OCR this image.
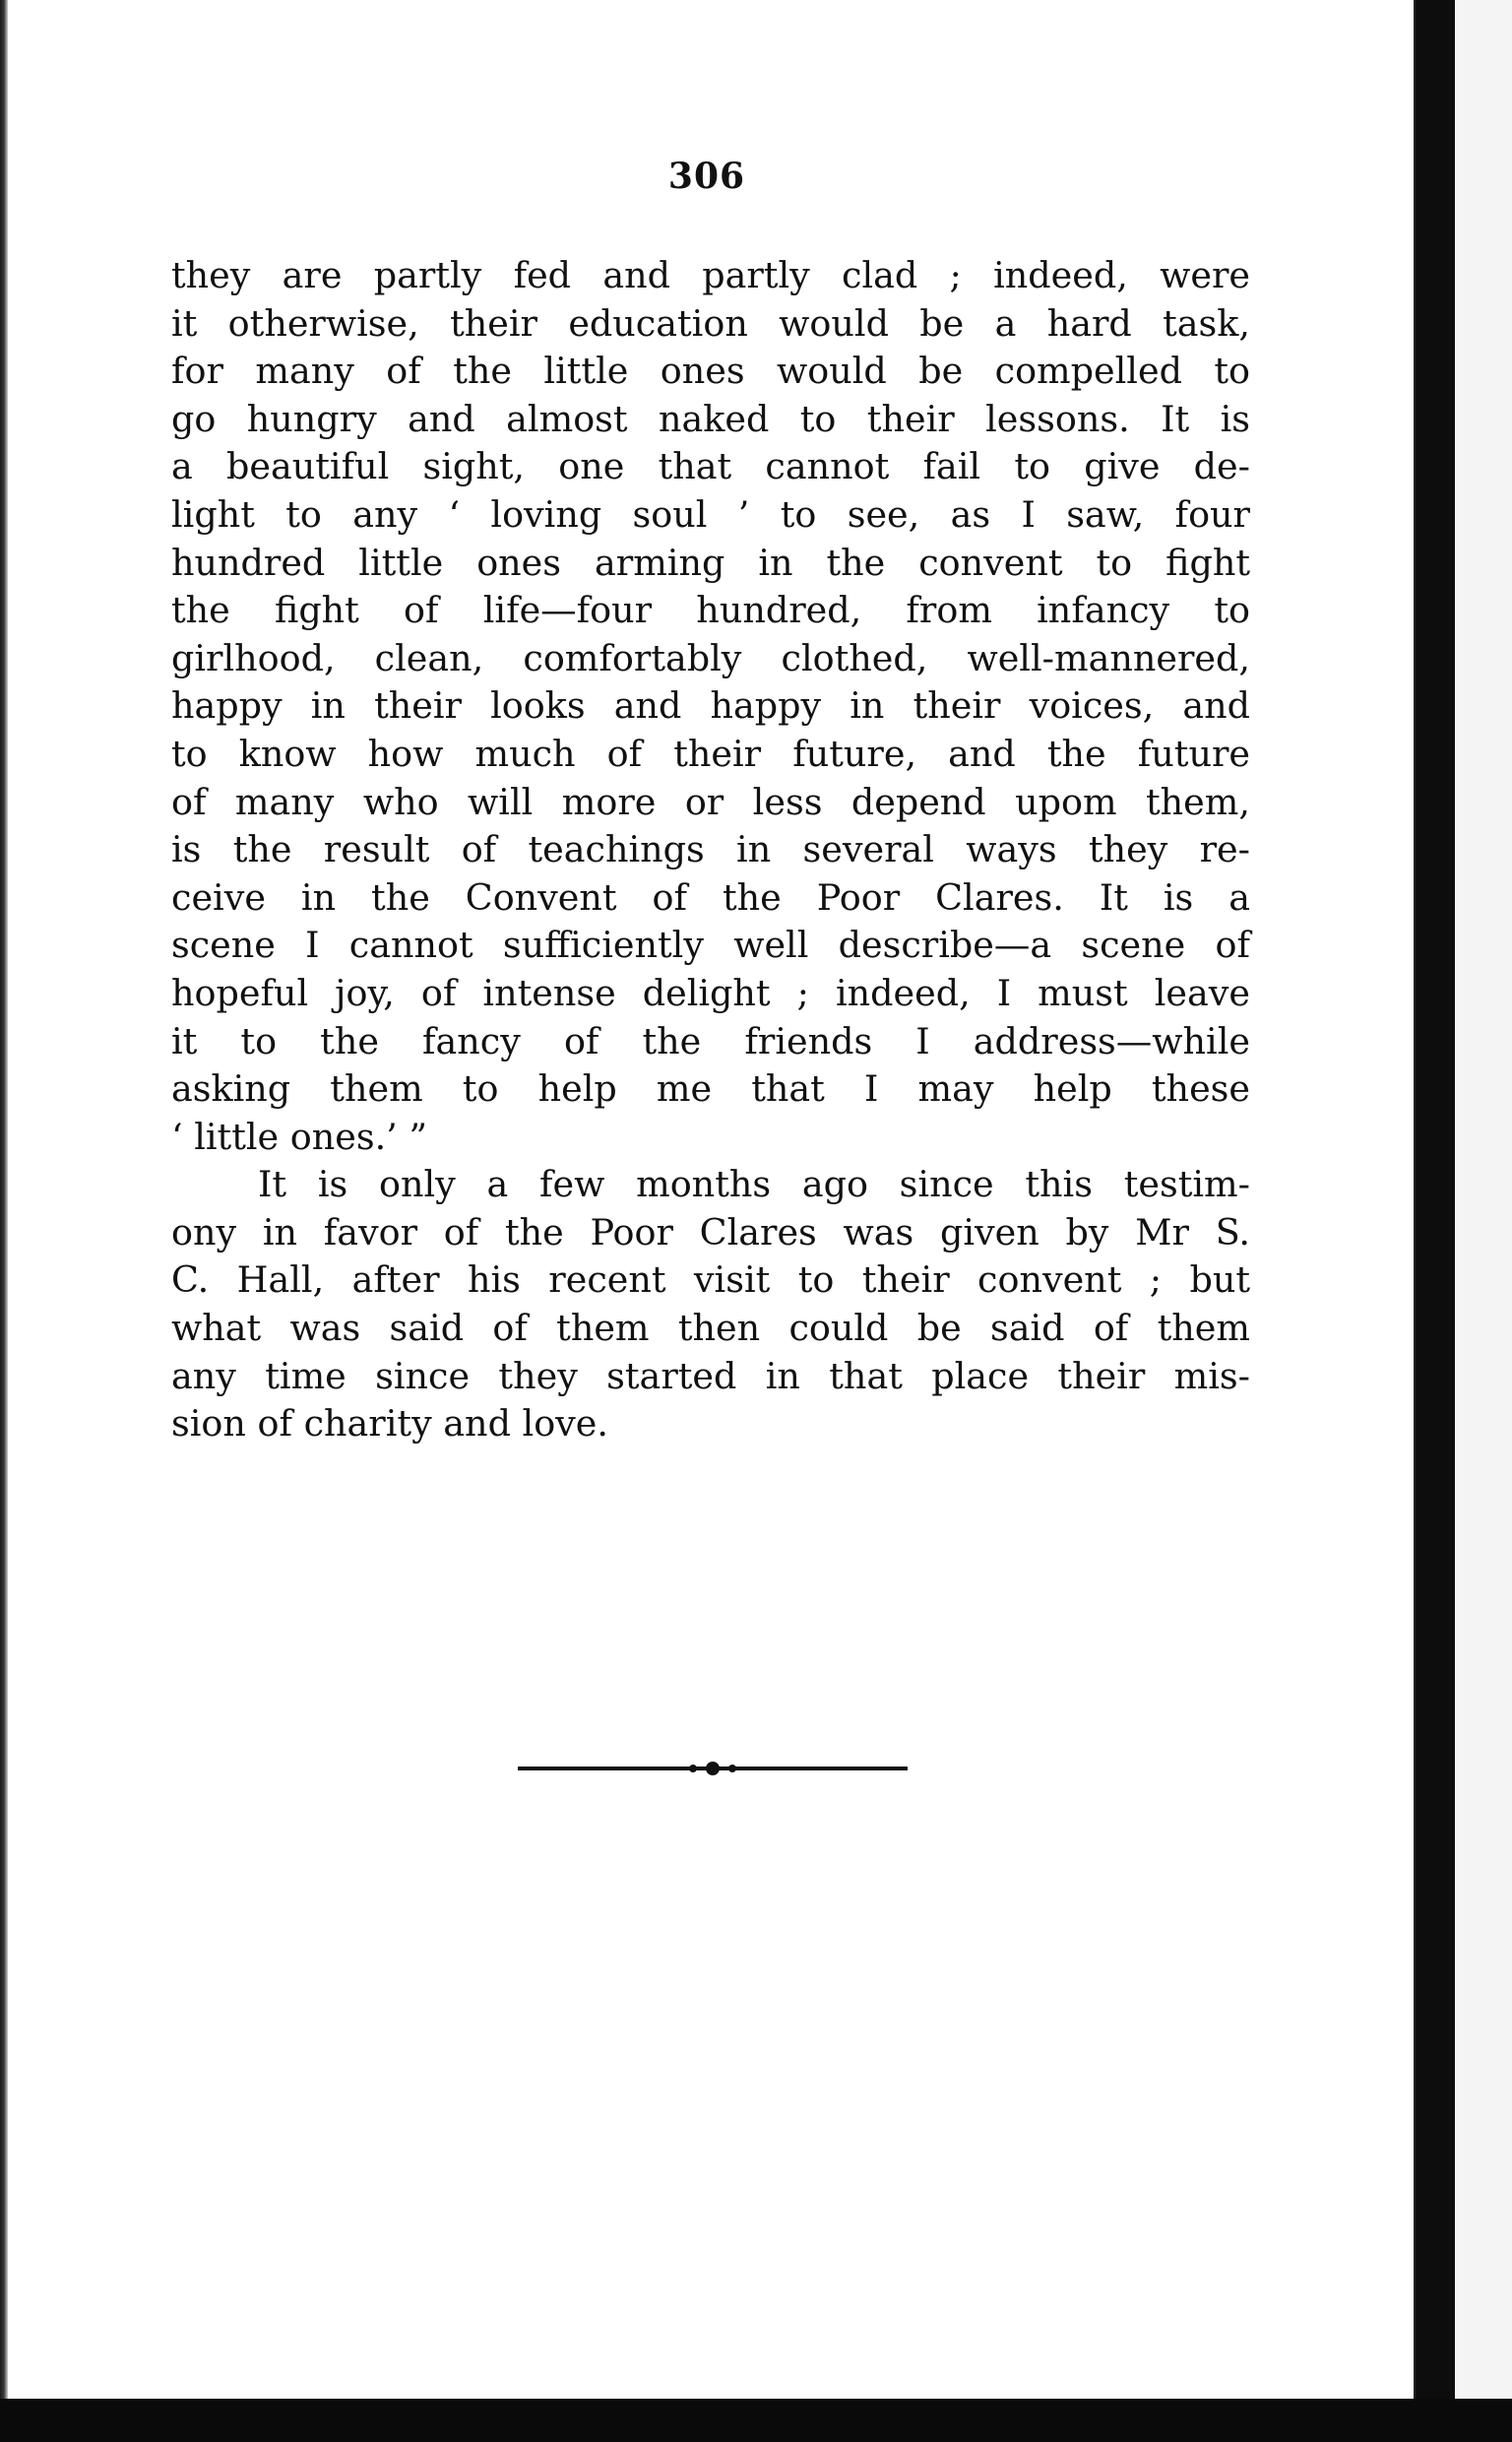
306
they are partly fed and partly clad ; indeed, were
it otherwise, their education would be a hard task,
for many of the little ones would be compelled to
go hungry and almost naked to their lessons. It is
a beautiful sight, one that cannot fail to give de-
light to any ‘ loving soul ’ to see, as I saw, four
hundred little ones arming in the convent to fight
the fight of life—four hundred, from infancy to
girlhood, clean, comfortably clothed, well-mannered,
happy in their looks and happy in their voices, and
to know how much of their future, and the future
of many who will more or less depend upom them,
is the result of teachings in several ways they re-
ceive in the Convent of the Poor Clares. It is a
scene I cannot sufficiently well describe—a scene of
hopeful joy, of intense delight ; indeed, I must leave
it to the fancy of the friends I address—while
asking them to help me that I may help these
‘ little ones.’ ”
It is only a few months ago since this testim-
ony in favor of the Poor Clares was given by Mr S.
C. Hall, after his recent visit to their convent ; but
what was said of them then could be said of them
any time since they started in that place their mis-
sion of charity and love.
